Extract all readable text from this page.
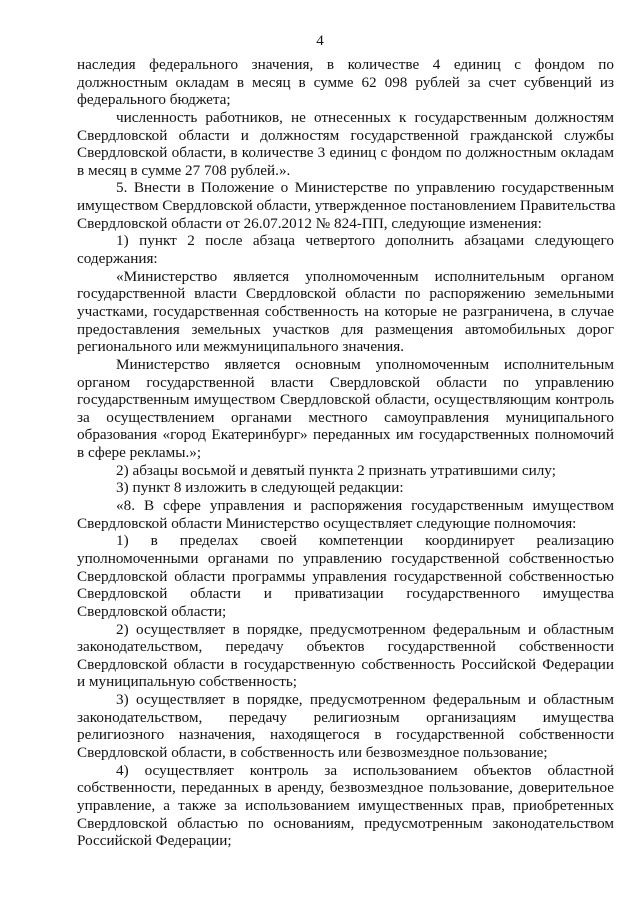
4
наследия федерального значения, в количестве 4 единиц с фондом по
должностным окладам в месяц в сумме 62 098 рублей за счет субвенций из
федерального бюджета;
численность работников, не отнесенных к государственным должностям
Свердловской области и должностям государственной гражданской службы
Свердловской области, в количестве 3 единиц с фондом по должностным окладам
в месяц в сумме 27 708 рублей.».
5. Внести в Положение о Министерстве по управлению государственным
имуществом Свердловской области, утвержденное постановлением Правительства
Свердловской области от 26.07.2012 № 824-ПП, следующие изменения:
1) пункт 2 после абзаца четвертого дополнить абзацами следующего
содержания:
«Министерство является уполномоченным исполнительным органом
государственной власти Свердловской области по распоряжению земельными
участками, государственная собственность на которые не разграничена, в случае
предоставления земельных участков для размещения автомобильных дорог
регионального или межмуниципального значения.
Министерство является основным уполномоченным исполнительным
органом государственной власти Свердловской области по управлению
государственным имуществом Свердловской области, осуществляющим контроль
за осуществлением органами местного самоуправления муниципального
образования «город Екатеринбург» переданных им государственных полномочий
в сфере рекламы.»;
2) абзацы восьмой и девятый пункта 2 признать утратившими силу;
3) пункт 8 изложить в следующей редакции:
«8. В сфере управления и распоряжения государственным имуществом
Свердловской области Министерство осуществляет следующие полномочия:
1) в пределах своей компетенции координирует реализацию
уполномоченными органами по управлению государственной собственностью
Свердловской области программы управления государственной собственностью
Свердловской области и приватизации государственного имущества
Свердловской области;
2) осуществляет в порядке, предусмотренном федеральным и областным
законодательством, передачу объектов государственной собственности
Свердловской области в государственную собственность Российской Федерации
и муниципальную собственность;
3) осуществляет в порядке, предусмотренном федеральным и областным
законодательством, передачу религиозным организациям имущества
религиозного назначения, находящегося в государственной собственности
Свердловской области, в собственность или безвозмездное пользование;
4) осуществляет контроль за использованием объектов областной
собственности, переданных в аренду, безвозмездное пользование, доверительное
управление, а также за использованием имущественных прав, приобретенных
Свердловской областью по основаниям, предусмотренным законодательством
Российской Федерации;
